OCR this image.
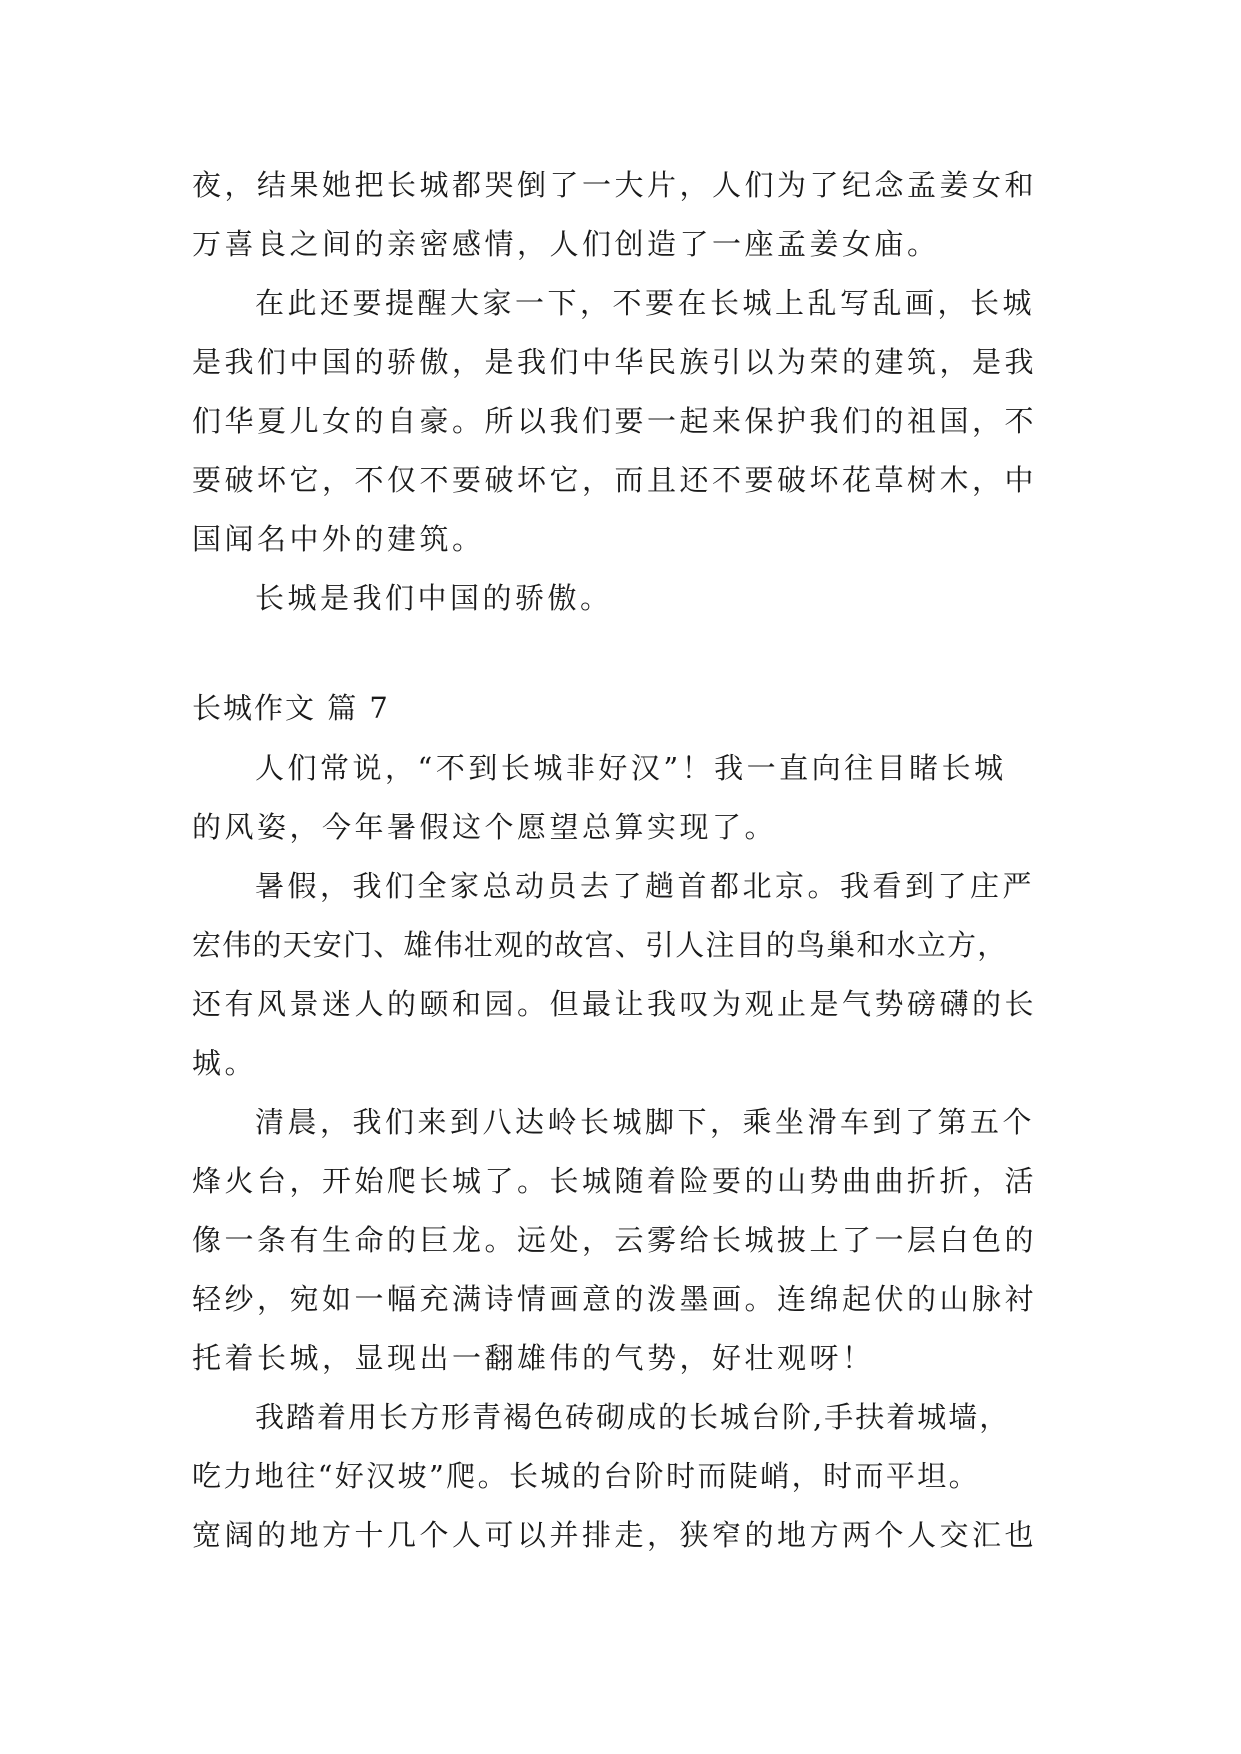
夜，结果她把长城都哭倒了一大片，人们为了纪念孟姜女和
万喜良之间的亲密感情，人们创造了一座孟姜女庙。
在此还要提醒大家一下，不要在长城上乱写乱画，长城
是我们中国的骄傲，是我们中华民族引以为荣的建筑，是我
们华夏儿女的自豪。所以我们要一起来保护我们的祖国，不
要破坏它，不仅不要破坏它，而且还不要破坏花草树木，中
国闻名中外的建筑。
长城是我们中国的骄傲。
长城作文 篇 7
人们常说，“不到长城非好汉”！我一直向往目睹长城
的风姿，今年暑假这个愿望总算实现了。
暑假，我们全家总动员去了趟首都北京。我看到了庄严
宏伟的天安门、雄伟壮观的故宫、引人注目的鸟巢和水立方，
还有风景迷人的颐和园。但最让我叹为观止是气势磅礴的长
城。
清晨，我们来到八达岭长城脚下，乘坐滑车到了第五个
烽火台，开始爬长城了。长城随着险要的山势曲曲折折，活
像一条有生命的巨龙。远处，云雾给长城披上了一层白色的
轻纱，宛如一幅充满诗情画意的泼墨画。连绵起伏的山脉衬
托着长城，显现出一翻雄伟的气势，好壮观呀！
我踏着用长方形青褐色砖砌成的长城台阶,手扶着城墙，
吃力地往“好汉坡”爬。长城的台阶时而陡峭，时而平坦。
宽阔的地方十几个人可以并排走，狭窄的地方两个人交汇也
